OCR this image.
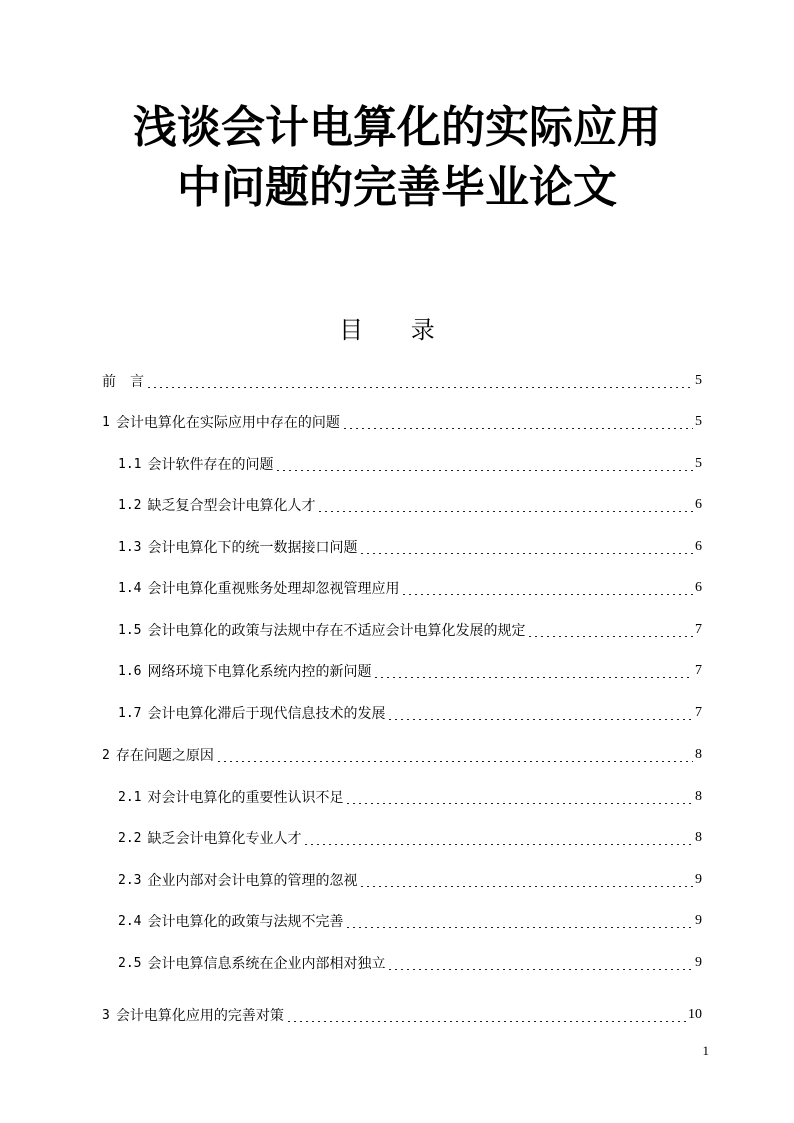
浅谈会计电算化的实际应用
中问题的完善毕业论文
目 录
前　言	5
1 会计电算化在实际应用中存在的问题	5
1.1 会计软件存在的问题	5
1.2 缺乏复合型会计电算化人才	6
1.3 会计电算化下的统一数据接口问题	6
1.4 会计电算化重视账务处理却忽视管理应用	6
1.5 会计电算化的政策与法规中存在不适应会计电算化发展的规定	7
1.6 网络环境下电算化系统内控的新问题	7
1.7 会计电算化滞后于现代信息技术的发展	7
2 存在问题之原因	8
2.1 对会计电算化的重要性认识不足	8
2.2 缺乏会计电算化专业人才	8
2.3 企业内部对会计电算的管理的忽视	9
2.4 会计电算化的政策与法规不完善	9
2.5 会计电算信息系统在企业内部相对独立	9
3 会计电算化应用的完善对策	10
1
